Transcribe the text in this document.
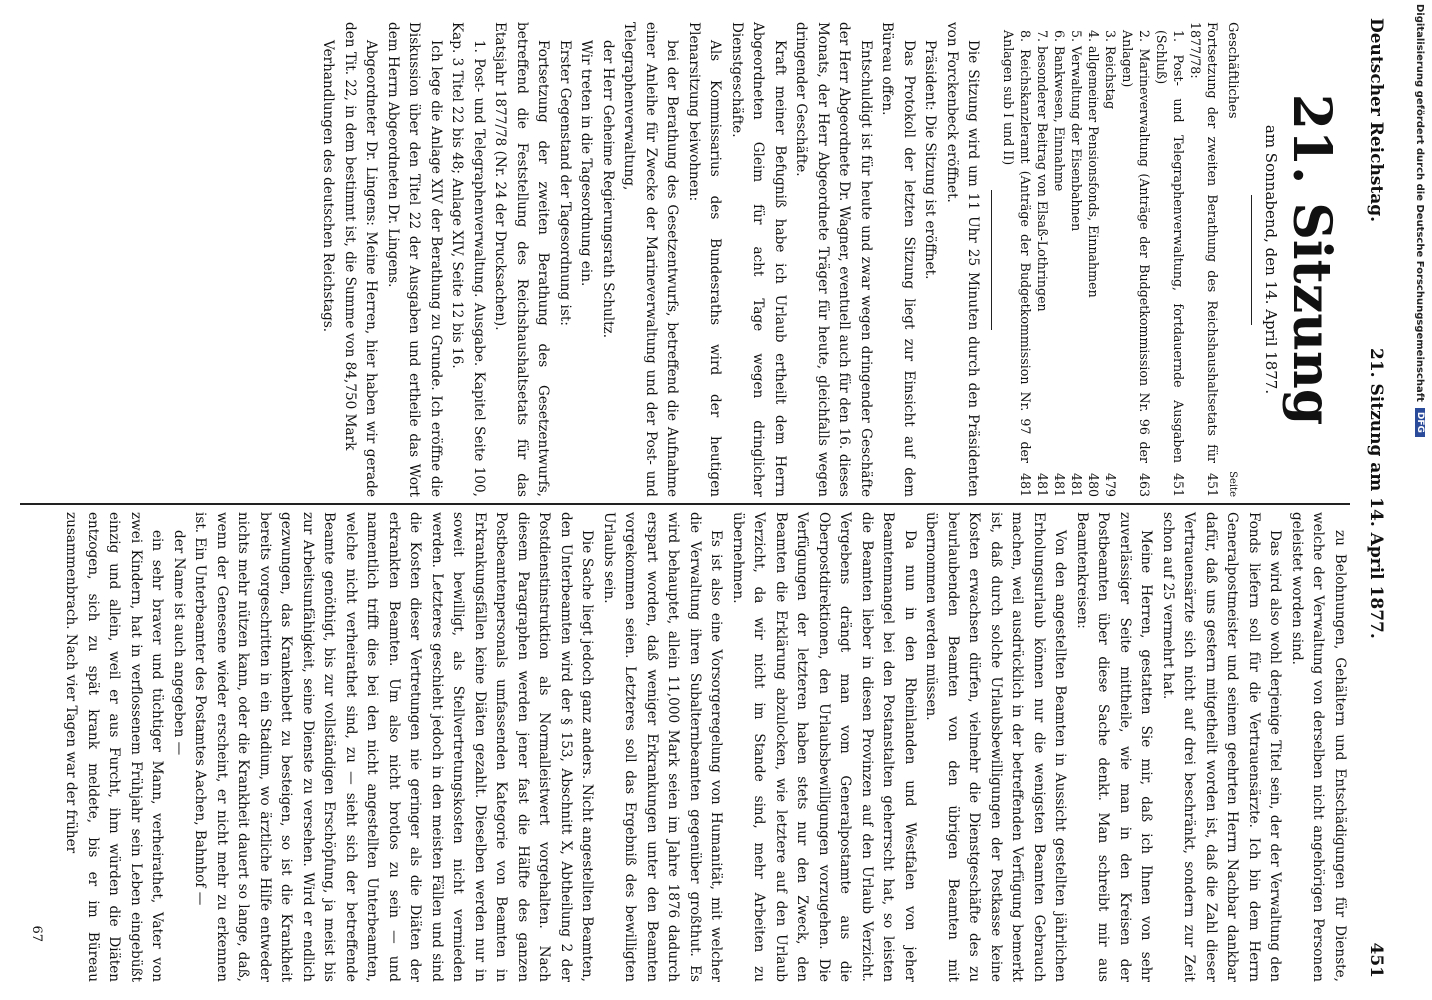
Deutscher Reichstag.
21. Sitzung am 14. April 1877.
451
21. Sitzung
am Sonnabend, den 14. April 1877.
Geschäftliches
Seite
Fortsetzung der zweiten Berathung des Reichshaushaltsetats für 1877/78:
451
1. Post- und Telegraphenverwaltung, fortdauernde Ausgaben (Schluß)
451
2. Marineverwaltung (Anträge der Budgetkommission Nr. 96 der Anlagen)
463
3. Reichstag
479
4. allgemeiner Pensionsfonds, Einnahmen
480
5. Verwaltung der Eisenbahnen
481
6. Bankwesen, Einnahme
481
7. besonderer Beitrag von Elsaß-Lothringen
481
8. Reichskanzleramt (Anträge der Budgetkommission Nr. 97 der Anlagen sub I und II)
481

Die Sitzung wird um 11 Uhr 25 Minuten durch den Präsidenten von Forckenbeck eröffnet.

Präsident: Die Sitzung ist eröffnet.

Das Protokoll der letzten Sitzung liegt zur Einsicht auf dem Büreau offen.

Entschuldigt ist für heute und zwar wegen dringender Geschäfte der Herr Abgeordnete Dr. Wagner, eventuell auch für den 16. dieses Monats, der Herr Abgeordnete Träger für heute, gleichfalls wegen dringender Geschäfte.

Kraft meiner Befugniß habe ich Urlaub ertheilt dem Herrn Abgeordneten Gleim für acht Tage wegen dringlicher Dienstgeschäfte.

Als Kommissarius des Bundesraths wird der heutigen Plenarsitzung beiwohnen:

bei der Berathung des Gesetzentwurfs, betreffend die Aufnahme einer Anleihe für Zwecke der Marineverwaltung und der Post- und Telegraphenverwaltung,

der Herr Geheime Regierungsrath Schultz.

Wir treten in die Tagesordnung ein.

Erster Gegenstand der Tagesordnung ist:

Fortsetzung der zweiten Berathung des Gesetzentwurfs, betreffend die Feststellung des Reichshaushaltsetats für das Etatsjahr 1877/78 (Nr. 24 der Drucksachen).

1. Post- und Telegraphenverwaltung. Ausgabe. Kapitel Seite 100, Kap. 3 Titel 22 bis 48; Anlage XIV, Seite 12 bis 16.

Ich lege die Anlage XIV der Berathung zu Grunde. Ich eröffne die Diskussion über den Titel 22 der Ausgaben und ertheile das Wort dem Herrn Abgeordneten Dr. Lingens.

Abgeordneter Dr. Lingens: Meine Herren, hier haben wir gerade den Tit. 22, in dem bestimmt ist, die Summe von 84,750 Mark

Verhandlungen des deutschen Reichstags.

zu Belohnungen, Gehältern und Entschädigungen für Dienste, welche der Verwaltung von derselben nicht angehörigen Personen geleistet worden sind.

Das wird also wohl derjenige Titel sein, der der Verwaltung den Fonds liefern soll für die Vertrauensärzte. Ich bin dem Herrn Generalpostmeister und seinem geehrten Herrn Nachbar dankbar dafür, daß uns gestern mitgetheilt worden ist, daß die Zahl dieser Vertrauensärzte sich nicht auf drei beschränkt, sondern zur Zeit schon auf 25 vermehrt hat.

Meine Herren, gestatten Sie mir, daß ich Ihnen von sehr zuverlässiger Seite mittheile, wie man in den Kreisen der Postbeamten über diese Sache denkt. Man schreibt mir aus Beamtenkreisen:

Von den angestellten Beamten in Aussicht gestellten jährlichen Erholungsurlaub können nur die wenigsten Beamten Gebrauch machen, weil ausdrücklich in der betreffenden Verfügung bemerkt ist, daß durch solche Urlaubsbewilligungen der Postkasse keine Kosten erwachsen dürfen, vielmehr die Dienstgeschäfte des zu beurlaubenden Beamten von den übrigen Beamten mit übernommen werden müssen.

Da nun in den Rheinlanden und Westfalen von jeher Beamtenmangel bei den Postanstalten geherrscht hat, so leisten die Beamten lieber in diesen Provinzen auf den Urlaub Verzicht. Vergebens drängt man vom Generalpostamte aus die Oberpostdirektionen, den Urlaubsbewilligungen vorzugehen. Die Verfügungen der letzteren haben stets nur den Zweck, den Beamten die Erklärung abzulocken, wie letztere auf den Urlaub Verzicht, da wir nicht im Stande sind, mehr Arbeiten zu übernehmen.

Es ist also eine Vorsorgeregelung von Humanität, mit welcher die Verwaltung ihren Subalternbeamten gegenüber großthut. Es wird behauptet, allein 11,000 Mark seien im Jahre 1876 dadurch erspart worden, daß weniger Erkrankungen unter den Beamten vorgekommen seien. Letzteres soll das Ergebniß des bewilligten Urlaubs sein.

Die Sache liegt jedoch ganz anders. Nicht angestellten Beamten, den Unterbeamten wird der § 153, Abschnitt X, Abtheilung 2 der Postdienstinstruktion als Normalleistwert vorgehalten. Nach diesem Paragraphen werden jener fast die Hälfte des ganzen Postbeamtenpersonals umfassenden Kategorie von Beamten in Erkrankungsfällen keine Diäten gezahlt. Dieselben werden nur in soweit bewilligt, als Stellvertretungskosten nicht vermieden werden. Letzteres geschieht jedoch in den meisten Fällen und sind die Kosten dieser Vertretungen nie geringer als die Diäten der erkrankten Beamten. Um also nicht brotlos zu sein — und namentlich trifft dies bei den nicht angestellten Unterbeamten, welche nicht verheirathet sind, zu — sieht sich der betreffende Beamte genöthigt, bis zur vollständigen Erschöpfung, ja meist bis zur Arbeitsunfähigkeit, seine Dienste zu versehen. Wird er endlich gezwungen, das Krankenbett zu besteigen, so ist die Krankheit bereits vorgeschritten in ein Stadium, wo ärztliche Hilfe entweder nichts mehr nützen kann, oder die Krankheit dauert so lange, daß, wenn der Genesene wieder erscheint, er nicht mehr zu erkennen ist. Ein Unterbeamter des Postamtes Aachen, Bahnhof —

der Name ist auch angegeben —

ein sehr braver und tüchtiger Mann, verheirathet, Vater von zwei Kindern, hat in verflossenem Frühjahr sein Leben eingebüßt einzig und allein, weil er aus Furcht, ihm würden die Diäten entzogen, sich zu spät krank meldete, bis er im Büreau zusammenbrach. Nach vier Tagen war der früher

67
Digitalisierung gefördert durch die Deutsche Forschungsgemeinschaft
DFG
